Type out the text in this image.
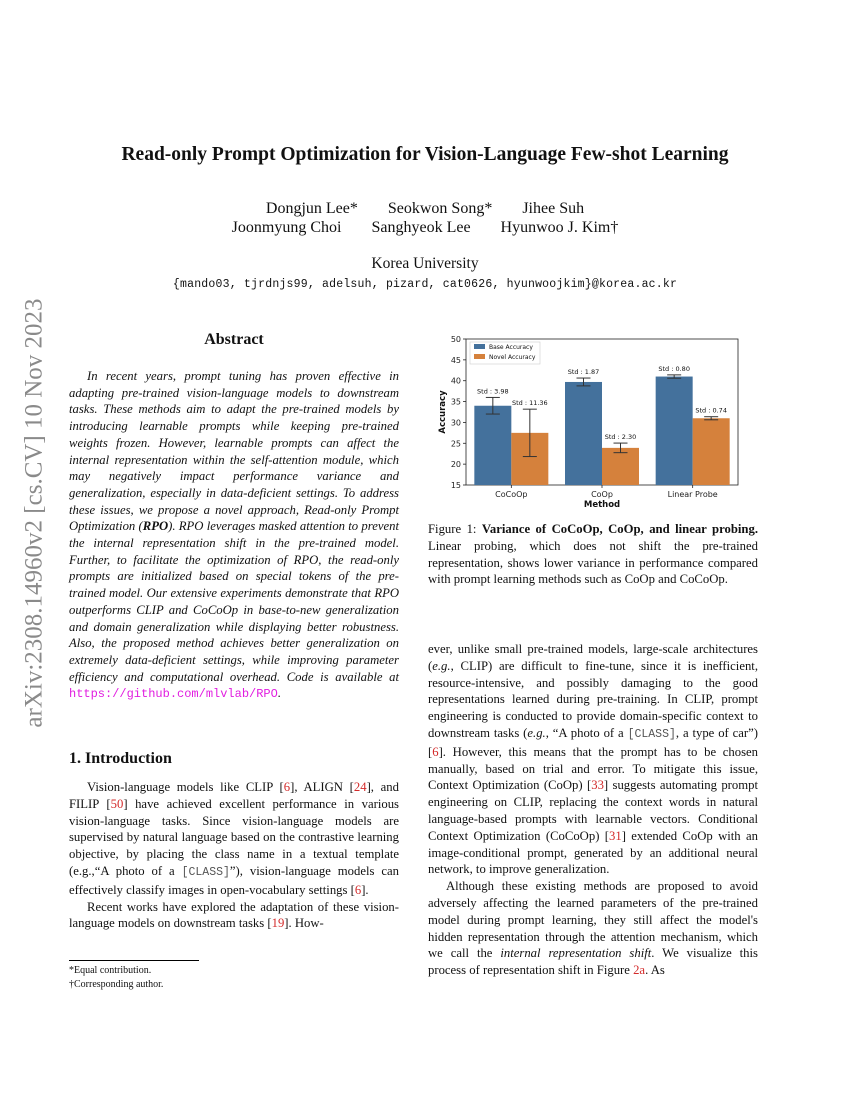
arXiv:2308.14960v2 [cs.CV] 10 Nov 2023
Read-only Prompt Optimization for Vision-Language Few-shot Learning
Dongjun Lee* Seokwon Song* Jihee Suh
Joonmyung Choi Sanghyeok Lee Hyunwoo J. Kim†
Korea University
{mando03, tjrdnjs99, adelsuh, pizard, cat0626, hyunwoojkim}@korea.ac.kr
Abstract

In recent years, prompt tuning has proven effective in adapting pre-trained vision-language models to downstream tasks. These methods aim to adapt the pre-trained models by introducing learnable prompts while keeping pre-trained weights frozen. However, learnable prompts can affect the internal representation within the self-attention module, which may negatively impact performance variance and generalization, especially in data-deficient settings. To address these issues, we propose a novel approach, Read-only Prompt Optimization (RPO). RPO leverages masked attention to prevent the internal representation shift in the pre-trained model. Further, to facilitate the optimization of RPO, the read-only prompts are initialized based on special tokens of the pre-trained model. Our extensive experiments demonstrate that RPO outperforms CLIP and CoCoOp in base-to-new generalization and domain generalization while displaying better robustness. Also, the proposed method achieves better generalization on extremely data-deficient settings, while improving parameter efficiency and computational overhead. Code is available at https://github.com/mlvlab/RPO.

1. Introduction

Vision-language models like CLIP [6], ALIGN [24], and FILIP [50] have achieved excellent performance in various vision-language tasks. Since vision-language models are supervised by natural language based on the contrastive learning objective, by placing the class name in a textual template (e.g.,“A photo of a [CLASS]”), vision-language models can effectively classify images in open-vocabulary settings [6].

Recent works have explored the adaptation of these vision-language models on downstream tasks [19]. How-

*Equal contribution.
†Corresponding author.
15
20
25
30
35
40
45
50
CoCoOp
Std : 3.98
Std : 11.36
CoOp
Std : 1.87
Std : 2.30
Linear Probe
Std : 0.80
Std : 0.74
Method
Accuracy
Base Accuracy
Novel Accuracy
Figure 1: Variance of CoCoOp, CoOp, and linear probing. Linear probing, which does not shift the pre-trained representation, shows lower variance in performance compared with prompt learning methods such as CoOp and CoCoOp.

ever, unlike small pre-trained models, large-scale architectures (e.g., CLIP) are difficult to fine-tune, since it is inefficient, resource-intensive, and possibly damaging to the good representations learned during pre-training. In CLIP, prompt engineering is conducted to provide domain-specific context to downstream tasks (e.g., “A photo of a [CLASS], a type of car”) [6]. However, this means that the prompt has to be chosen manually, based on trial and error. To mitigate this issue, Context Optimization (CoOp) [33] suggests automating prompt engineering on CLIP, replacing the context words in natural language-based prompts with learnable vectors. Conditional Context Optimization (CoCoOp) [31] extended CoOp with an image-conditional prompt, generated by an additional neural network, to improve generalization.

Although these existing methods are proposed to avoid adversely affecting the learned parameters of the pre-trained model during prompt learning, they still affect the model's hidden representation through the attention mechanism, which we call the internal representation shift. We visualize this process of representation shift in Figure 2a. As
